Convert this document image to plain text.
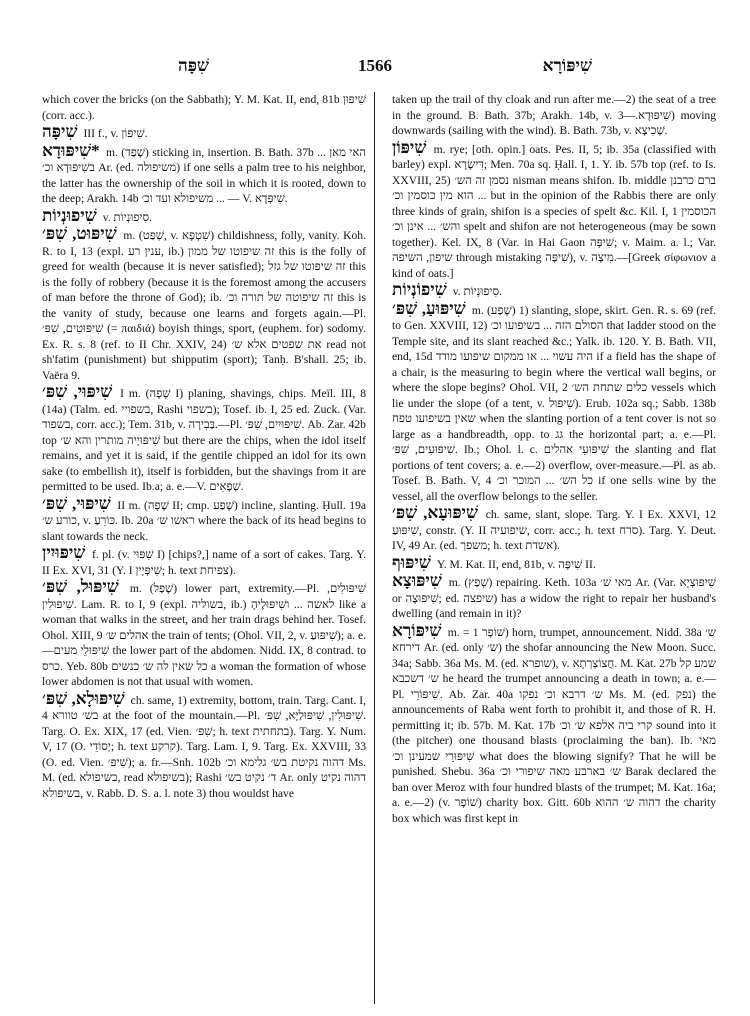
שִׁפָּה	1566	שִׁיפּוֹרָא

which cover the bricks (on the Sabbath); Y. M. Kat. II, end, 81b שִׁיפּוּן (corr. acc.).

שִׁיפָּה III f., v. שִׁיפּוֹן.

*שִׁיפּוּדָא m. (שָׁפַד) sticking in, insertion. B. Bath. 37b האי מאן ... בשִׁיפּוּדָא וכ׳ Ar. (ed. משיפולה) if one sells a palm tree to his neighbor, the latter has the ownership of the soil in which it is rooted, down to the deep; Arakh. 14b משיפולא ועד וכ׳ ... — V. שִׁיפְּדָא.

שִׁיפוּנְיוֹת v. סִיפוּנְיוֹת.

שִׁיפּוּט, שִׁפּ׳ m. (שְׁפַט, v. שִׁטְפָא) childishness, folly, vanity. Koh. R. to I, 13 (expl. ענין רע, ib.) זה שיפוטו של ממון this is the folly of greed for wealth (because it is never satisfied); זה שיפוטו של גזל this is the folly of robbery (because it is the foremost among the accusers of man before the throne of God); ib. זה שיפוטה של תורה וכ׳ this is the vanity of study, because one learns and forgets again.—Pl. שִׁיפּוּטִים, שִׁפּ׳ (= παιδιά) boyish things, sport, (euphem. for) sodomy. Ex. R. s. 8 (ref. to II Chr. XXIV, 24) את שפטים אלא ש׳ read not sh'fatim (punishment) but shipputim (sport); Tanḥ. B'shall. 25; ib. Vaëra 9.

שִׁיפּוּי, שִׁפּ׳ I m. (שָׁפָה I) planing, shavings, chips. Meïl. III, 8 (14a) (Talm. ed. בשפויי, Rashi בשפוי); Tosef. ib. I, 25 ed. Zuck. (Var. בשפוד, corr. acc.); Tem. 31b, v. בַּבִירָה.—Pl. שִׁיפּוּיִים, שִׁפּ׳. Ab. Zar. 42b top שִׁיפּוּיָיה מותרין והא ש׳ but there are the chips, when the idol itself remains, and yet it is said, if the gentile chipped an idol for its own sake (to embellish it), itself is forbidden, but the shavings from it are permitted to be used. Ib.a; a. e.—V. שְׁפָאִים.

שִׁיפּוּי, שִׁפּ׳ II m. (שָׁפָה II; cmp. שָׁפַע) incline, slanting. Ḥull. 19a כורע ש׳, v. כּוֹרֵעַ. Ib. 20a ראשו ש׳ where the back of its head begins to slant towards the neck.

שִׁיפּוּיִין f. pl. (v. שִׁפּוּי I) [chips?,] name of a sort of cakes. Targ. Y. II Ex. XVI, 31 (Y. I שִׁיפְּיָין; h. text צפיחת).

שִׁיפּוּל, שִׁפּ׳ m. (שָׁפַל) lower part, extremity.—Pl. שִׁיפּוּלִים, שִׁיפּוּלִין. Lam. R. to I, 9 (expl. בשוליה, ib.) לאשה ... ושִׁיפּוּלֶיהָ like a woman that walks in the street, and her train drags behind her. Tosef. Ohol. XIII, 9 אהלים ש׳ the train of tents; (Ohol. VII, 2, v. שִׁיפּוּעַ); a. e.—שִׁיפּוּלֵי מעים the lower part of the abdomen. Nidd. IX, 8 contrad. to כרס. Yeb. 80b כל שאין לה ש׳ כנשים a woman the formation of whose lower abdomen is not that usual with women.

שִׁיפּוּלָא, שִׁפּ׳ ch. same, 1) extremity, bottom, train. Targ. Cant. I, 4 בש׳ טוורא at the foot of the mountain.—Pl. שִׁיפּוּלִין, שִׁיפּוּלַיָּא, שִׁפּ׳. Targ. O. Ex. XIX, 17 (ed. Vien. שִׁפּ׳; h. text בתחתית). Targ. Y. Num. V, 17 (O. יְסוֹדֵי; h. text קרקע). Targ. Lam. I, 9. Targ. Ex. XXVIII, 33 (O. ed. Vien. שִׁיפּ׳); a. fr.—Snh. 102b דהוה נקיטת בש׳ גלימא וכ׳ Ms. M. (ed. בשיפולא, read בשיפולא); Rashi ד׳ נקיט בש׳ Ar. only דהוה נקיט בשיפולא, v. Rabb. D. S. a. l. note 3) thou wouldst have

taken up the trail of thy cloak and run after me.—2) the seat of a tree in the ground. B. Bath. 37b; Arakh. 14b, v. שִׁיפּוּדָא.—3) moving downwards (sailing with the wind). B. Bath. 73b, v. שְׁכִיצָא.

שִׁיפּוֹן m. rye; [oth. opin.] oats. Pes. II, 5; ib. 35a (classified with barley) expl. דִּישָׂרָא; Men. 70a sq. Ḥall. I, 1. Y. ib. 57b top (ref. to Is. XXVIII, 25) נסמן זה הש׳ nisman means shifon. Ib. middle ברם כרבנן ... הוא מין כוסמין וכ׳ but in the opinion of the Rabbis there are only three kinds of grain, shifon is a species of spelt &c. Kil. I, 1 הכוסמין והש׳ ... אינן וכ׳ spelt and shifon are not heterogeneous (may be sown together). Kel. IX, 8 (Var. in Hai Gaon שִׁיפָּה; v. Maim. a. l.; Var. שיפון, השיפה through mistaking שִׁיפָּה), v. מִיצָה.—[Greek σίφωνιον a kind of oats.]

שִׁיפוֹנְיוֹת v. סִיפוּנְיוֹת.

שִׁיפּוּעַ, שִׁפּ׳ m. (שָׁפַע) 1) slanting, slope, skirt. Gen. R. s. 69 (ref. to Gen. XXVIII, 12) הסולם הזה ... בשיפועו וכ׳ that ladder stood on the Temple site, and its slant reached &c.; Yalk. ib. 120. Y. B. Bath. VII, end, 15d היה עשוי ... או ממקום שיפועו מודד if a field has the shape of a chair, is the measuring to begin where the vertical wall begins, or where the slope begins? Ohol. VII, 2 כלים שתחת הש׳ vessels which lie under the slope (of a tent, v. שִׁיפּוּל). Erub. 102a sq.; Sabb. 138b שאין בשיפועו טפח when the slanting portion of a tent cover is not so large as a handbreadth, opp. to גג the horizontal part; a. e.—Pl. שִׁיפּוּעִים, שִׁפּ׳. Ib.; Ohol. l. c. שִׁיפּוּעֵי אהלים the slanting and flat portions of tent covers; a. e.—2) overflow, over-measure.—Pl. as ab. Tosef. B. Bath. V, 4 כל הש׳ ... המוכר וכ׳ if one sells wine by the vessel, all the overflow belongs to the seller.

שִׁיפּוּעָא, שִׁפּ׳ ch. same, slant, slope. Targ. Y. I Ex. XXVI, 12 שִׁיפּוּעַ, constr. (Y. II שיפועיה, corr. acc.; h. text סרח). Targ. Y. Deut. IV, 49 Ar. (ed. משפך; h. text אשדת).

שִׁיפּוּף Y. M. Kat. II, end, 81b, v. שִׁיפָּה II.

שִׁיפּוּצָא m. (שְׁפַץ) repairing. Keth. 103a מאי ש׳ Ar. (Var. שִׁיפּוּצְיָא or שִׁיפּוּצָה; ed. שיפצה) has a widow the right to repair her husband's dwelling (and remain in it)?

שִׁיפּוֹרָא m. = שׁוֹפָר 1) horn, trumpet, announcement. Nidd. 38a ש׳ דירחא Ar. (ed. only ש׳) the shofar announcing the New Moon. Succ. 34a; Sabb. 36a Ms. M. (ed. שופרא), v. חֲצוֹצְרְתָא. M. Kat. 27b שמע קל ש׳ דשכבא he heard the trumpet announcing a death in town; a. e.—Pl. שִׁיפּוֹרֵי. Ab. Zar. 40a ש׳ דרבא וכ׳ נפקו Ms. M. (ed. נפק) the announcements of Raba went forth to prohibit it, and those of R. H. permitting it; ib. 57b. M. Kat. 17b קרי ביה אלפא ש׳ וכ׳ sound into it (the pitcher) one thousand blasts (proclaiming the ban). Ib. מאי שִׁיפּוּרֵי שמעינן וכ׳ what does the blowing signify? That he will be punished. Shebu. 36a ש׳ בארבע מאה שיפורי וכ׳ Barak declared the ban over Meroz with four hundred blasts of the trumpet; M. Kat. 16a; a. e.—2) (v. שׁוֹפָר) charity box. Gitt. 60b דהוה ש׳ ההוא the charity box which was first kept in
